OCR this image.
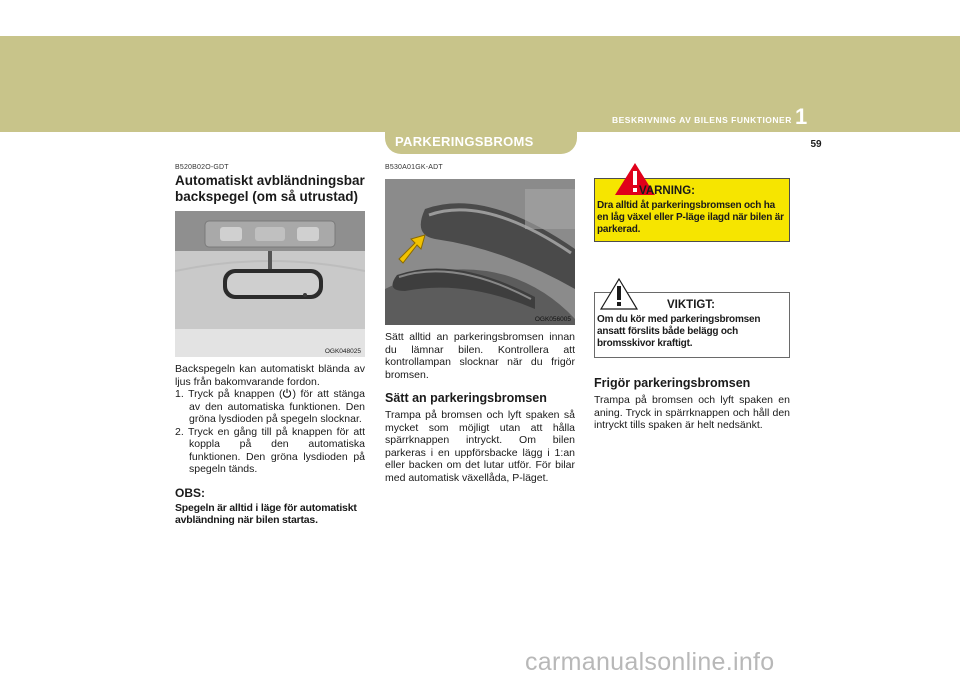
BESKRIVNING AV BILENS FUNKTIONER 1
59
PARKERINGSBROMS
B520B02O-GDT
Automatiskt avbländningsbar backspegel (om så utrustad)
OGK048025

Backspegeln kan automatiskt blända av ljus från bakomvarande fordon.

1. Tryck på knappen ( ) för att stänga av den automatiska funktionen. Den gröna lysdioden på spegeln slocknar.
2. Tryck en gång till på knappen för att koppla på den automatiska funktionen. Den gröna lysdioden på spegeln tänds.
OBS:
Spegeln är alltid i läge för automatiskt avbländning när bilen startas.
B530A01GK-ADT
OGK056005

Sätt alltid an parkeringsbromsen innan du lämnar bilen. Kontrollera att kontrollampan slocknar när du frigör bromsen.

Sätt an parkeringsbromsen

Trampa på bromsen och lyft spaken så mycket som möjligt utan att hålla spärrknappen intryckt. Om bilen parkeras i en uppförsbacke lägg i 1:an eller backen om det lutar utför. För bilar med automatisk växellåda, P-läget.

VARNING:
Dra alltid åt parkeringsbromsen och ha en låg växel eller P-läge ilagd när bilen är parkerad.
VIKTIGT:
Om du kör med parkeringsbromsen ansatt förslits både belägg och bromsskivor kraftigt.
Frigör parkeringsbromsen

Trampa på bromsen och lyft spaken en aning. Tryck in spärrknappen och håll den intryckt tills spaken är helt nedsänkt.

carmanualsonline.info
